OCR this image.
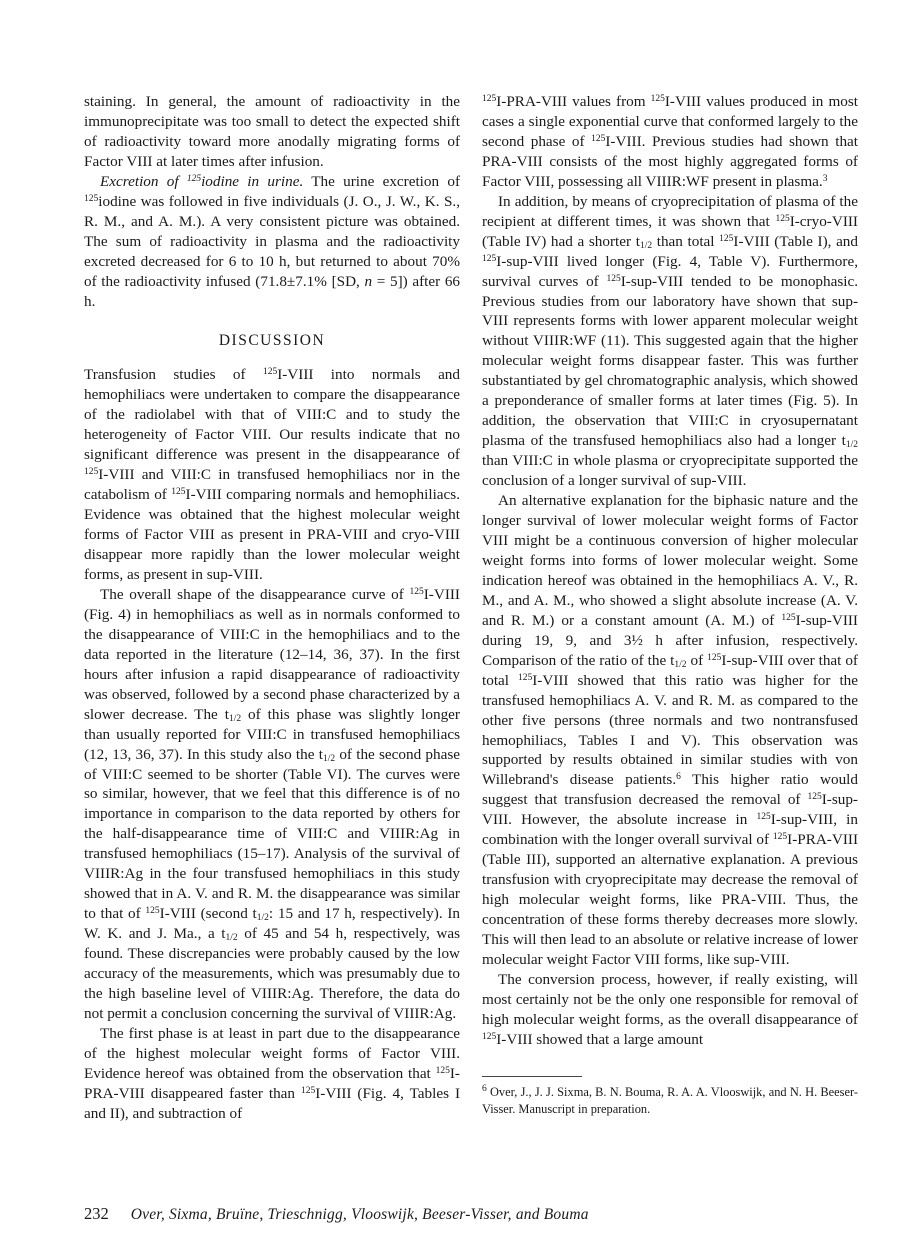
staining. In general, the amount of radioactivity in the immunoprecipitate was too small to detect the expected shift of radioactivity toward more anodally migrating forms of Factor VIII at later times after infusion.

Excretion of $^{125}$iodine in urine. The urine excretion of $^{125}$iodine was followed in five individuals (J. O., J. W., K. S., R. M., and A. M.). A very consistent picture was obtained. The sum of radioactivity in plasma and the radioactivity excreted decreased for 6 to 10 h, but returned to about 70% of the radioactivity infused (71.8±7.1% [SD, n = 5]) after 66 h.

DISCUSSION

Transfusion studies of $^{125}$I-VIII into normals and hemophiliacs were undertaken to compare the disappearance of the radiolabel with that of VIII:C and to study the heterogeneity of Factor VIII. Our results indicate that no significant difference was present in the disappearance of $^{125}$I-VIII and VIII:C in transfused hemophiliacs nor in the catabolism of $^{125}$I-VIII comparing normals and hemophiliacs. Evidence was obtained that the highest molecular weight forms of Factor VIII as present in PRA-VIII and cryo-VIII disappear more rapidly than the lower molecular weight forms, as present in sup-VIII.

The overall shape of the disappearance curve of $^{125}$I-VIII (Fig. 4) in hemophiliacs as well as in normals conformed to the disappearance of VIII:C in the hemophiliacs and to the data reported in the literature (12–14, 36, 37). In the first hours after infusion a rapid disappearance of radioactivity was observed, followed by a second phase characterized by a slower decrease. The $t_{1/2}$ of this phase was slightly longer than usually reported for VIII:C in transfused hemophiliacs (12, 13, 36, 37). In this study also the $t_{1/2}$ of the second phase of VIII:C seemed to be shorter (Table VI). The curves were so similar, however, that we feel that this difference is of no importance in comparison to the data reported by others for the half-disappearance time of VIII:C and VIIIR:Ag in transfused hemophiliacs (15–17). Analysis of the survival of VIIIR:Ag in the four transfused hemophiliacs in this study showed that in A. V. and R. M. the disappearance was similar to that of $^{125}$I-VIII (second $t_{1/2}$: 15 and 17 h, respectively). In W. K. and J. Ma., a $t_{1/2}$ of 45 and 54 h, respectively, was found. These discrepancies were probably caused by the low accuracy of the measurements, which was presumably due to the high baseline level of VIIIR:Ag. Therefore, the data do not permit a conclusion concerning the survival of VIIIR:Ag.

The first phase is at least in part due to the disappearance of the highest molecular weight forms of Factor VIII. Evidence hereof was obtained from the observation that $^{125}$I-PRA-VIII disappeared faster than $^{125}$I-VIII (Fig. 4, Tables I and II), and subtraction of

$^{125}$I-PRA-VIII values from $^{125}$I-VIII values produced in most cases a single exponential curve that conformed largely to the second phase of $^{125}$I-VIII. Previous studies had shown that PRA-VIII consists of the most highly aggregated forms of Factor VIII, possessing all VIIIR:WF present in plasma.$^3$

In addition, by means of cryoprecipitation of plasma of the recipient at different times, it was shown that $^{125}$I-cryo-VIII (Table IV) had a shorter $t_{1/2}$ than total $^{125}$I-VIII (Table I), and $^{125}$I-sup-VIII lived longer (Fig. 4, Table V). Furthermore, survival curves of $^{125}$I-sup-VIII tended to be monophasic. Previous studies from our laboratory have shown that sup-VIII represents forms with lower apparent molecular weight without VIIIR:WF (11). This suggested again that the higher molecular weight forms disappear faster. This was further substantiated by gel chromatographic analysis, which showed a preponderance of smaller forms at later times (Fig. 5). In addition, the observation that VIII:C in cryosupernatant plasma of the transfused hemophiliacs also had a longer $t_{1/2}$ than VIII:C in whole plasma or cryoprecipitate supported the conclusion of a longer survival of sup-VIII.

An alternative explanation for the biphasic nature and the longer survival of lower molecular weight forms of Factor VIII might be a continuous conversion of higher molecular weight forms into forms of lower molecular weight. Some indication hereof was obtained in the hemophiliacs A. V., R. M., and A. M., who showed a slight absolute increase (A. V. and R. M.) or a constant amount (A. M.) of $^{125}$I-sup-VIII during 19, 9, and 3½ h after infusion, respectively. Comparison of the ratio of the $t_{1/2}$ of $^{125}$I-sup-VIII over that of total $^{125}$I-VIII showed that this ratio was higher for the transfused hemophiliacs A. V. and R. M. as compared to the other five persons (three normals and two nontransfused hemophiliacs, Tables I and V). This observation was supported by results obtained in similar studies with von Willebrand's disease patients.$^6$ This higher ratio would suggest that transfusion decreased the removal of $^{125}$I-sup-VIII. However, the absolute increase in $^{125}$I-sup-VIII, in combination with the longer overall survival of $^{125}$I-PRA-VIII (Table III), supported an alternative explanation. A previous transfusion with cryoprecipitate may decrease the removal of high molecular weight forms, like PRA-VIII. Thus, the concentration of these forms thereby decreases more slowly. This will then lead to an absolute or relative increase of lower molecular weight Factor VIII forms, like sup-VIII.

The conversion process, however, if really existing, will most certainly not be the only one responsible for removal of high molecular weight forms, as the overall disappearance of $^{125}$I-VIII showed that a large amount

$^6$ Over, J., J. J. Sixma, B. N. Bouma, R. A. A. Vlooswijk, and N. H. Beeser-Visser. Manuscript in preparation.
232 Over, Sixma, Bruïne, Trieschnigg, Vlooswijk, Beeser-Visser, and Bouma
